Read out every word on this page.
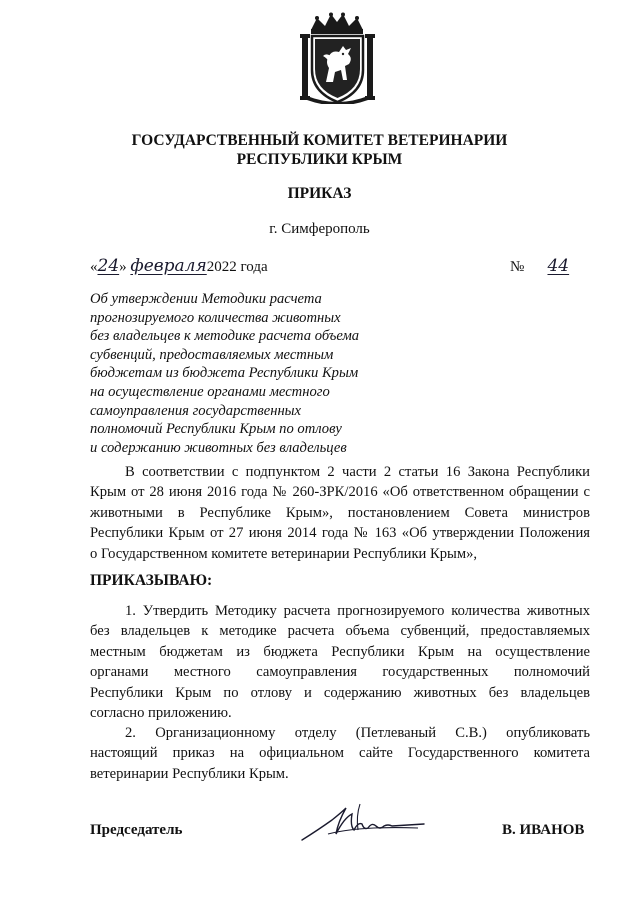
ГОСУДАРСТВЕННЫЙ КОМИТЕТ ВЕТЕРИНАРИИ
РЕСПУБЛИКИ КРЫМ
ПРИКАЗ
г. Симферополь
«24» февраля2022 года	№ 44
Об утверждении Методики расчета
прогнозируемого количества животных
без владельцев к методике расчета объема
субвенций, предоставляемых местным
бюджетам из бюджета Республики Крым
на осуществление органами местного
самоуправления государственных
полномочий Республики Крым по отлову
и содержанию животных без владельцев
В соответствии с подпунктом 2 части 2 статьи 16 Закона Республики
Крым от 28 июня 2016 года № 260-ЗРК/2016 «Об ответственном обращении с
животными в Республике Крым», постановлением Совета министров
Республики Крым от 27 июня 2014 года № 163 «Об утверждении Положения
о Государственном комитете ветеринарии Республики Крым»,
ПРИКАЗЫВАЮ:
1. Утвердить Методику расчета прогнозируемого количества животных
без владельцев к методике расчета объема субвенций, предоставляемых
местным бюджетам из бюджета Республики Крым на осуществление
органами местного самоуправления государственных полномочий
Республики Крым по отлову и содержанию животных без владельцев
согласно приложению.
2. Организационному отделу (Петлеваный С.В.) опубликовать
настоящий приказ на официальном сайте Государственного комитета
ветеринарии Республики Крым.
Председатель	В. ИВАНОВ
